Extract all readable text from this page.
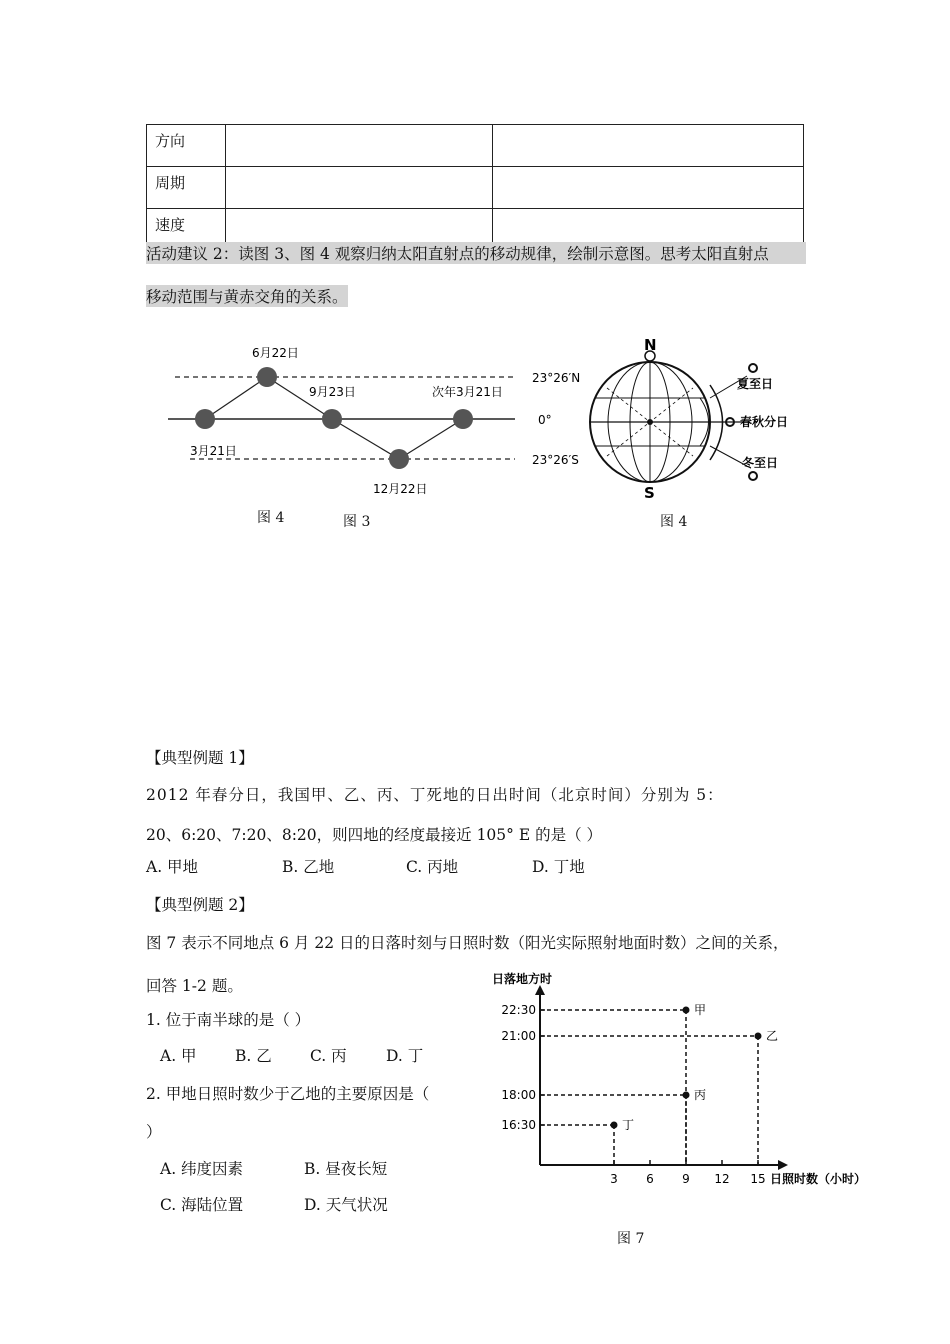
方向		
周期		
速度		
活动建议 2：读图 3、图 4 观察归纳太阳直射点的移动规律，绘制示意图。思考太阳直射点
移动范围与黄赤交角的关系。
6月22日
9月23日	次年3月21日
3月21日
12月22日
23°26′N
0°
23°26′S
N
S
夏至日
春秋分日
冬至日
图 4	图 3	图 4
【典型例题 1】
2012 年春分日，我国甲、乙、丙、丁死地的日出时间（北京时间）分别为 5：
20、6:20、7:20、8:20，则四地的经度最接近 105° E 的是（ ）
A. 甲地	B. 乙地	C. 丙地	D. 丁地
【典型例题 2】
图 7 表示不同地点 6 月 22 日的日落时刻与日照时数（阳光实际照射地面时数）之间的关系，
回答 1-2 题。
1. 位于南半球的是（ ）
A. 甲 B. 乙 C. 丙	D. 丁
2. 甲地日照时数少于乙地的主要原因是（
）
A. 纬度因素	B. 昼夜长短
C. 海陆位置	D. 天气状况
日落地方时
日照时数（小时）
3 6 9 12 15
16:30
18:00
21:00
22:30	甲
乙
丙
丁
图 7
